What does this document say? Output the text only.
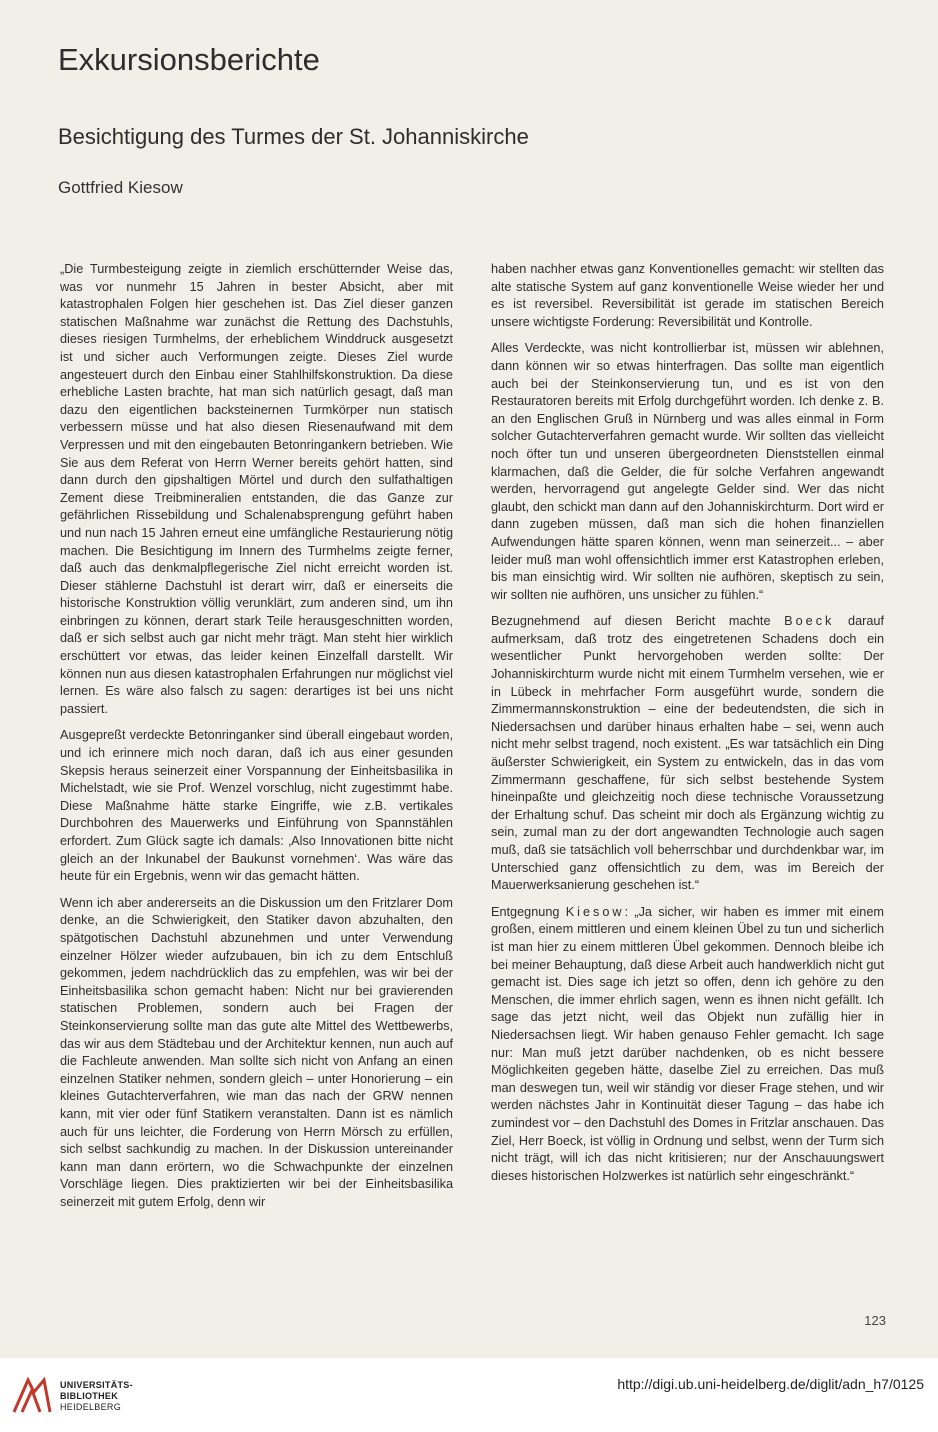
Exkursionsberichte
Besichtigung des Turmes der St. Johanniskirche
Gottfried Kiesow

„Die Turmbesteigung zeigte in ziemlich erschütternder Weise das, was vor nunmehr 15 Jahren in bester Absicht, aber mit katastrophalen Folgen hier geschehen ist. Das Ziel dieser ganzen statischen Maßnahme war zunächst die Rettung des Dachstuhls, dieses riesigen Turmhelms, der erheblichem Winddruck ausgesetzt ist und sicher auch Verformungen zeigte. Dieses Ziel wurde angesteuert durch den Einbau einer Stahlhilfskonstruktion. Da diese erhebliche Lasten brachte, hat man sich natürlich gesagt, daß man dazu den eigentlichen backsteinernen Turmkörper nun statisch verbessern müsse und hat also diesen Riesenaufwand mit dem Verpressen und mit den eingebauten Betonringankern betrieben. Wie Sie aus dem Referat von Herrn Werner bereits gehört hatten, sind dann durch den gipshaltigen Mörtel und durch den sulfathaltigen Zement diese Treibmineralien entstanden, die das Ganze zur gefährlichen Rissebildung und Schalenabsprengung geführt haben und nun nach 15 Jahren erneut eine umfängliche Restaurierung nötig machen. Die Besichtigung im Innern des Turmhelms zeigte ferner, daß auch das denkmalpflegerische Ziel nicht erreicht worden ist. Dieser stählerne Dachstuhl ist derart wirr, daß er einerseits die historische Konstruktion völlig verunklärt, zum anderen sind, um ihn einbringen zu können, derart stark Teile herausgeschnitten worden, daß er sich selbst auch gar nicht mehr trägt. Man steht hier wirklich erschüttert vor etwas, das leider keinen Einzelfall darstellt. Wir können nun aus diesen katastrophalen Erfahrungen nur möglichst viel lernen. Es wäre also falsch zu sagen: derartiges ist bei uns nicht passiert.

Ausgepreßt verdeckte Betonringanker sind überall eingebaut worden, und ich erinnere mich noch daran, daß ich aus einer gesunden Skepsis heraus seinerzeit einer Vorspannung der Einheitsbasilika in Michelstadt, wie sie Prof. Wenzel vorschlug, nicht zugestimmt habe. Diese Maßnahme hätte starke Eingriffe, wie z.B. vertikales Durchbohren des Mauerwerks und Einführung von Spannstählen erfordert. Zum Glück sagte ich damals: ‚Also Innovationen bitte nicht gleich an der Inkunabel der Baukunst vornehmen‘. Was wäre das heute für ein Ergebnis, wenn wir das gemacht hätten.

Wenn ich aber andererseits an die Diskussion um den Fritzlarer Dom denke, an die Schwierigkeit, den Statiker davon abzuhalten, den spätgotischen Dachstuhl abzunehmen und unter Verwendung einzelner Hölzer wieder aufzubauen, bin ich zu dem Entschluß gekommen, jedem nachdrücklich das zu empfehlen, was wir bei der Einheitsbasilika schon gemacht haben: Nicht nur bei gravierenden statischen Problemen, sondern auch bei Fragen der Steinkonservierung sollte man das gute alte Mittel des Wettbewerbs, das wir aus dem Städtebau und der Architektur kennen, nun auch auf die Fachleute anwenden. Man sollte sich nicht von Anfang an einen einzelnen Statiker nehmen, sondern gleich – unter Honorierung – ein kleines Gutachterverfahren, wie man das nach der GRW nennen kann, mit vier oder fünf Statikern veranstalten. Dann ist es nämlich auch für uns leichter, die Forderung von Herrn Mörsch zu erfüllen, sich selbst sachkundig zu machen. In der Diskussion untereinander kann man dann erörtern, wo die Schwachpunkte der einzelnen Vorschläge liegen. Dies praktizierten wir bei der Einheitsbasilika seinerzeit mit gutem Erfolg, denn wir

haben nachher etwas ganz Konventionelles gemacht: wir stellten das alte statische System auf ganz konventionelle Weise wieder her und es ist reversibel. Reversibilität ist gerade im statischen Bereich unsere wichtigste Forderung: Reversibilität und Kontrolle.

Alles Verdeckte, was nicht kontrollierbar ist, müssen wir ablehnen, dann können wir so etwas hinterfragen. Das sollte man eigentlich auch bei der Steinkonservierung tun, und es ist von den Restauratoren bereits mit Erfolg durchgeführt worden. Ich denke z. B. an den Englischen Gruß in Nürnberg und was alles einmal in Form solcher Gutachterverfahren gemacht wurde. Wir sollten das vielleicht noch öfter tun und unseren übergeordneten Dienststellen einmal klarmachen, daß die Gelder, die für solche Verfahren angewandt werden, hervorragend gut angelegte Gelder sind. Wer das nicht glaubt, den schickt man dann auf den Johanniskirchturm. Dort wird er dann zugeben müssen, daß man sich die hohen finanziellen Aufwendungen hätte sparen können, wenn man seinerzeit... – aber leider muß man wohl offensichtlich immer erst Katastrophen erleben, bis man einsichtig wird. Wir sollten nie aufhören, skeptisch zu sein, wir sollten nie aufhören, uns unsicher zu fühlen.“

Bezugnehmend auf diesen Bericht machte Boeck darauf aufmerksam, daß trotz des eingetretenen Schadens doch ein wesentlicher Punkt hervorgehoben werden sollte: Der Johanniskirchturm wurde nicht mit einem Turmhelm versehen, wie er in Lübeck in mehrfacher Form ausgeführt wurde, sondern die Zimmermannskonstruktion – eine der bedeutendsten, die sich in Niedersachsen und darüber hinaus erhalten habe – sei, wenn auch nicht mehr selbst tragend, noch existent. „Es war tatsächlich ein Ding äußerster Schwierigkeit, ein System zu entwickeln, das in das vom Zimmermann geschaffene, für sich selbst bestehende System hineinpaßte und gleichzeitig noch diese technische Voraussetzung der Erhaltung schuf. Das scheint mir doch als Ergänzung wichtig zu sein, zumal man zu der dort angewandten Technologie auch sagen muß, daß sie tatsächlich voll beherrschbar und durchdenkbar war, im Unterschied ganz offensichtlich zu dem, was im Bereich der Mauerwerksanierung geschehen ist.“

Entgegnung Kiesow: „Ja sicher, wir haben es immer mit einem großen, einem mittleren und einem kleinen Übel zu tun und sicherlich ist man hier zu einem mittleren Übel gekommen. Dennoch bleibe ich bei meiner Behauptung, daß diese Arbeit auch handwerklich nicht gut gemacht ist. Dies sage ich jetzt so offen, denn ich gehöre zu den Menschen, die immer ehrlich sagen, wenn es ihnen nicht gefällt. Ich sage das jetzt nicht, weil das Objekt nun zufällig hier in Niedersachsen liegt. Wir haben genauso Fehler gemacht. Ich sage nur: Man muß jetzt darüber nachdenken, ob es nicht bessere Möglichkeiten gegeben hätte, daselbe Ziel zu erreichen. Das muß man deswegen tun, weil wir ständig vor dieser Frage stehen, und wir werden nächstes Jahr in Kontinuität dieser Tagung – das habe ich zumindest vor – den Dachstuhl des Domes in Fritzlar anschauen. Das Ziel, Herr Boeck, ist völlig in Ordnung und selbst, wenn der Turm sich nicht trägt, will ich das nicht kritisieren; nur der Anschauungswert dieses historischen Holzwerkes ist natürlich sehr eingeschränkt.“

123
UNIVERSITÄTS-
BIBLIOTHEK
HEIDELBERG
http://digi.ub.uni-heidelberg.de/diglit/adn_h7/0125
